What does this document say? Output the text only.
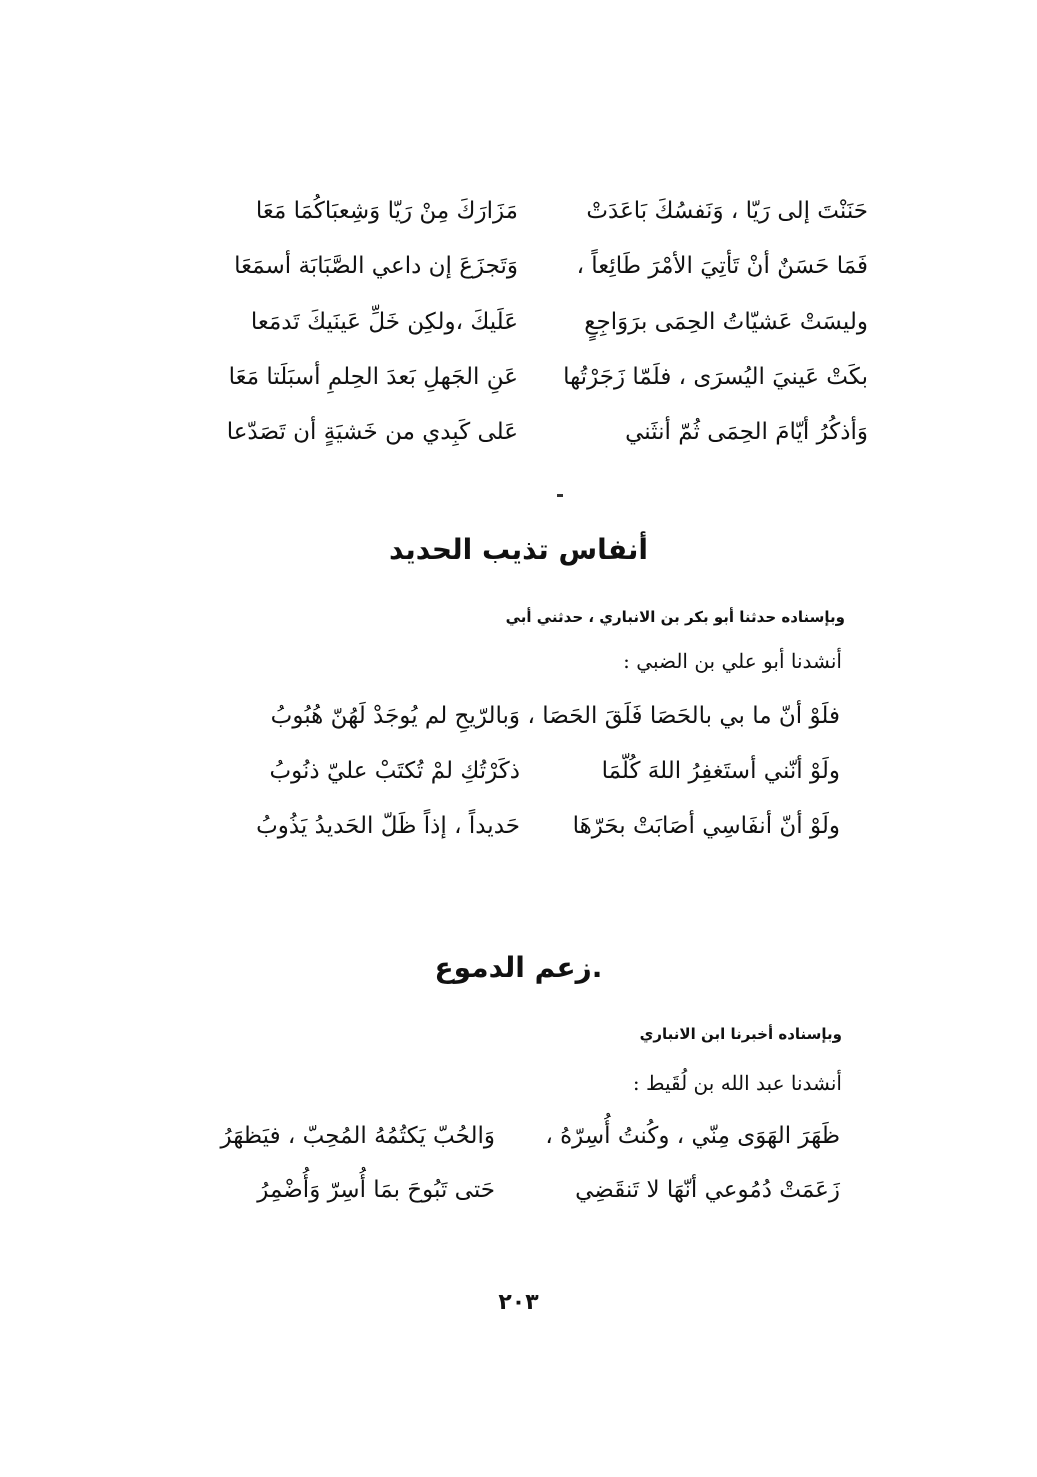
حَنَنْتَ إلى رَيّا ، وَنَفسُكَ بَاعَدَتْ
مَزَارَكَ مِنْ رَيّا وَشِعبَاكُمَا مَعَا
فَمَا حَسَنٌ أنْ تَأتِيَ الأمْرَ طَائِعاً ،
وَتَجزَعَ إن داعي الصَّبَابَة أسمَعَا
وليسَتْ عَشيّاتُ الحِمَى برَوَاجِعٍ
عَلَيكَ ،ولكِن خَلِّ عَينَيكَ تَدمَعا
بكَتْ عَينيَ اليُسرَى ، فلَمّا زَجَرْتُها
عَنِ الجَهلِ بَعدَ الحِلمِ أسبَلَتا مَعَا
وَأذكُرُ أيّامَ الحِمَى ثُمّ أنثَني
عَلى كَبِدي من خَشيَةٍ أن تَصَدّعا
أنفاس تذيب الحديد
وبإسناده حدثنا أبو بكر بن الانباري ، حدثني أبي
أنشدنا أبو علي بن الضبي :
فلَوْ أنّ ما بي بالحَصَا فَلَقَ الحَصَا ،
وَبالرّيحِ لم يُوجَدْ لَهُنّ هُبُوبُ
ولَوْ أنّني أستَغفِرُ اللهَ كُلّمَا
ذكَرْتُكِ لمْ تُكتَبْ عليّ ذنُوبُ
ولَوْ أنّ أنفَاسِي أصَابَتْ بحَرّهَا
حَديداً ، إذاً ظَلّ الحَديدُ يَذُوبُ
.زعم الدموع
وبإسناده أخبرنا ابن الانباري
أنشدنا عبد الله بن لُقَيط :
ظَهَرَ الهَوَى مِنّي ، وكُنتُ أُسِرّهُ ،
وَالحُبّ يَكتُمُهُ المُحِبّ ، فيَظهَرُ
زَعَمَتْ دُمُوعي أنّهَا لا تَنقَضِي
حَتى تَبُوحَ بمَا أُسِرّ وَأُضْمِرُ
٢٠٣
